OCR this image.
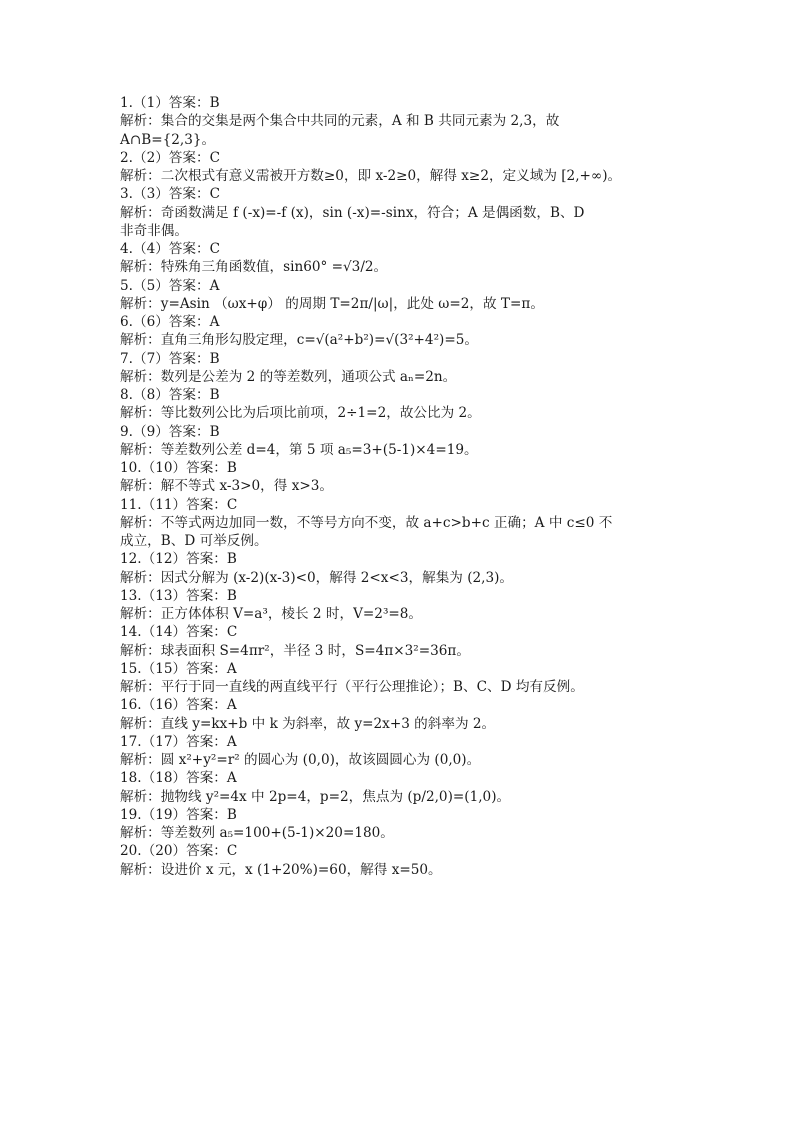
1.（1）答案：B
解析：集合的交集是两个集合中共同的元素，A 和 B 共同元素为 2,3，故
A∩B={2,3}。
2.（2）答案：C
解析：二次根式有意义需被开方数≥0，即 x-2≥0，解得 x≥2，定义域为 [2,+∞)。
3.（3）答案：C
解析：奇函数满足 f (-x)=-f (x)，sin (-x)=-sinx，符合；A 是偶函数，B、D
非奇非偶。
4.（4）答案：C
解析：特殊角三角函数值，sin60° =√3/2。
5.（5）答案：A
解析：y=Asin （ωx+φ） 的周期 T=2π/|ω|，此处 ω=2，故 T=π。
6.（6）答案：A
解析：直角三角形勾股定理，c=√(a²+b²)=√(3²+4²)=5。
7.（7）答案：B
解析：数列是公差为 2 的等差数列，通项公式 aₙ=2n。
8.（8）答案：B
解析：等比数列公比为后项比前项，2÷1=2，故公比为 2。
9.（9）答案：B
解析：等差数列公差 d=4，第 5 项 a₅=3+(5-1)×4=19。
10.（10）答案：B
解析：解不等式 x-3>0，得 x>3。
11.（11）答案：C
解析：不等式两边加同一数，不等号方向不变，故 a+c>b+c 正确；A 中 c≤0 不
成立，B、D 可举反例。
12.（12）答案：B
解析：因式分解为 (x-2)(x-3)<0，解得 2<x<3，解集为 (2,3)。
13.（13）答案：B
解析：正方体体积 V=a³，棱长 2 时，V=2³=8。
14.（14）答案：C
解析：球表面积 S=4πr²，半径 3 时，S=4π×3²=36π。
15.（15）答案：A
解析：平行于同一直线的两直线平行（平行公理推论）；B、C、D 均有反例。
16.（16）答案：A
解析：直线 y=kx+b 中 k 为斜率，故 y=2x+3 的斜率为 2。
17.（17）答案：A
解析：圆 x²+y²=r² 的圆心为 (0,0)，故该圆圆心为 (0,0)。
18.（18）答案：A
解析：抛物线 y²=4x 中 2p=4，p=2，焦点为 (p/2,0)=(1,0)。
19.（19）答案：B
解析：等差数列 a₅=100+(5-1)×20=180。
20.（20）答案：C
解析：设进价 x 元，x (1+20%)=60，解得 x=50。
